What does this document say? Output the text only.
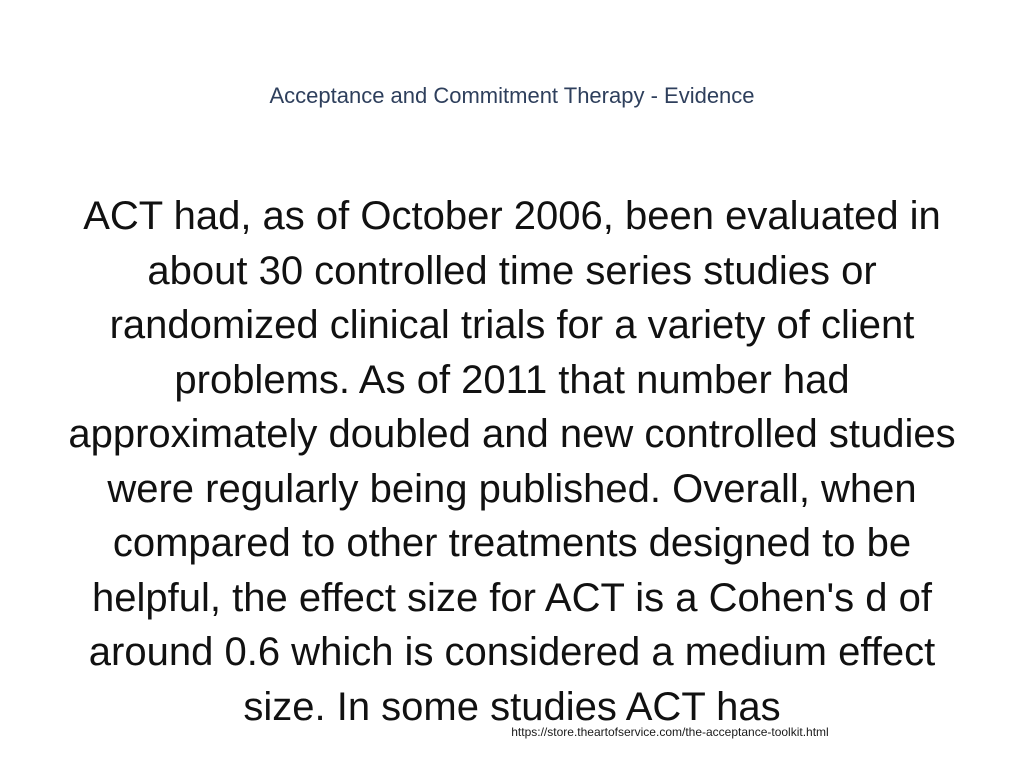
Acceptance and Commitment Therapy - Evidence
ACT had, as of October 2006, been evaluated in about 30 controlled time series studies or randomized clinical trials for a variety of client problems. As of 2011 that number had approximately doubled and new controlled studies were regularly being published. Overall, when compared to other treatments designed to be helpful, the effect size for ACT is a Cohen's d of around 0.6 which is considered a medium effect size. In some studies ACT has
https://store.theartofservice.com/the-acceptance-toolkit.html
